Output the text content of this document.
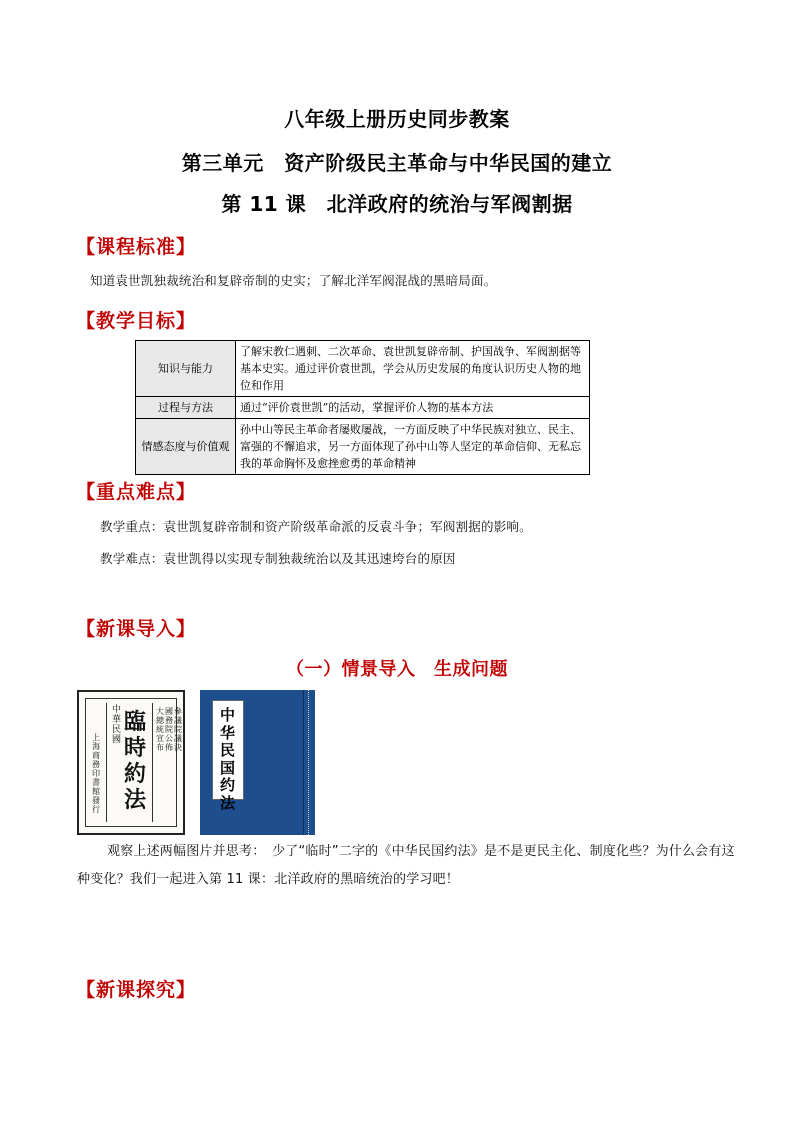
八年级上册历史同步教案
第三单元　资产阶级民主革命与中华民国的建立
第 11 课　北洋政府的统治与军阀割据
【课程标准】
知道袁世凯独裁统治和复辟帝制的史实；了解北洋军阀混战的黑暗局面。
【教学目标】
知识与能力	了解宋教仁遇刺、二次革命、袁世凯复辟帝制、护国战争、军阀割据等基本史实。通过评价袁世凯，学会从历史发展的角度认识历史人物的地位和作用
过程与方法	通过“评价袁世凯”的活动，掌握评价人物的基本方法
情感态度与价值观	孙中山等民主革命者屡败屡战，一方面反映了中华民族对独立、民主、富强的不懈追求，另一方面体现了孙中山等人坚定的革命信仰、无私忘我的革命胸怀及愈挫愈勇的革命精神
【重点难点】
教学重点：袁世凯复辟帝制和资产阶级革命派的反袁斗争；军阀割据的影响。
教学难点：袁世凯得以实现专制独裁统治以及其迅速垮台的原因
【新课导入】
（一）情景导入　生成问题
上海商務印書館發行
中華民國
臨時約法
大總統宣布
國務院公佈
參議院議決
中华民国约法
观察上述两幅图片并思考：　少了“临时”二字的《中华民国约法》是不是更民主化、制度化些？为什么会有这种变化？我们一起进入第 11 课：北洋政府的黑暗统治的学习吧！
【新课探究】
